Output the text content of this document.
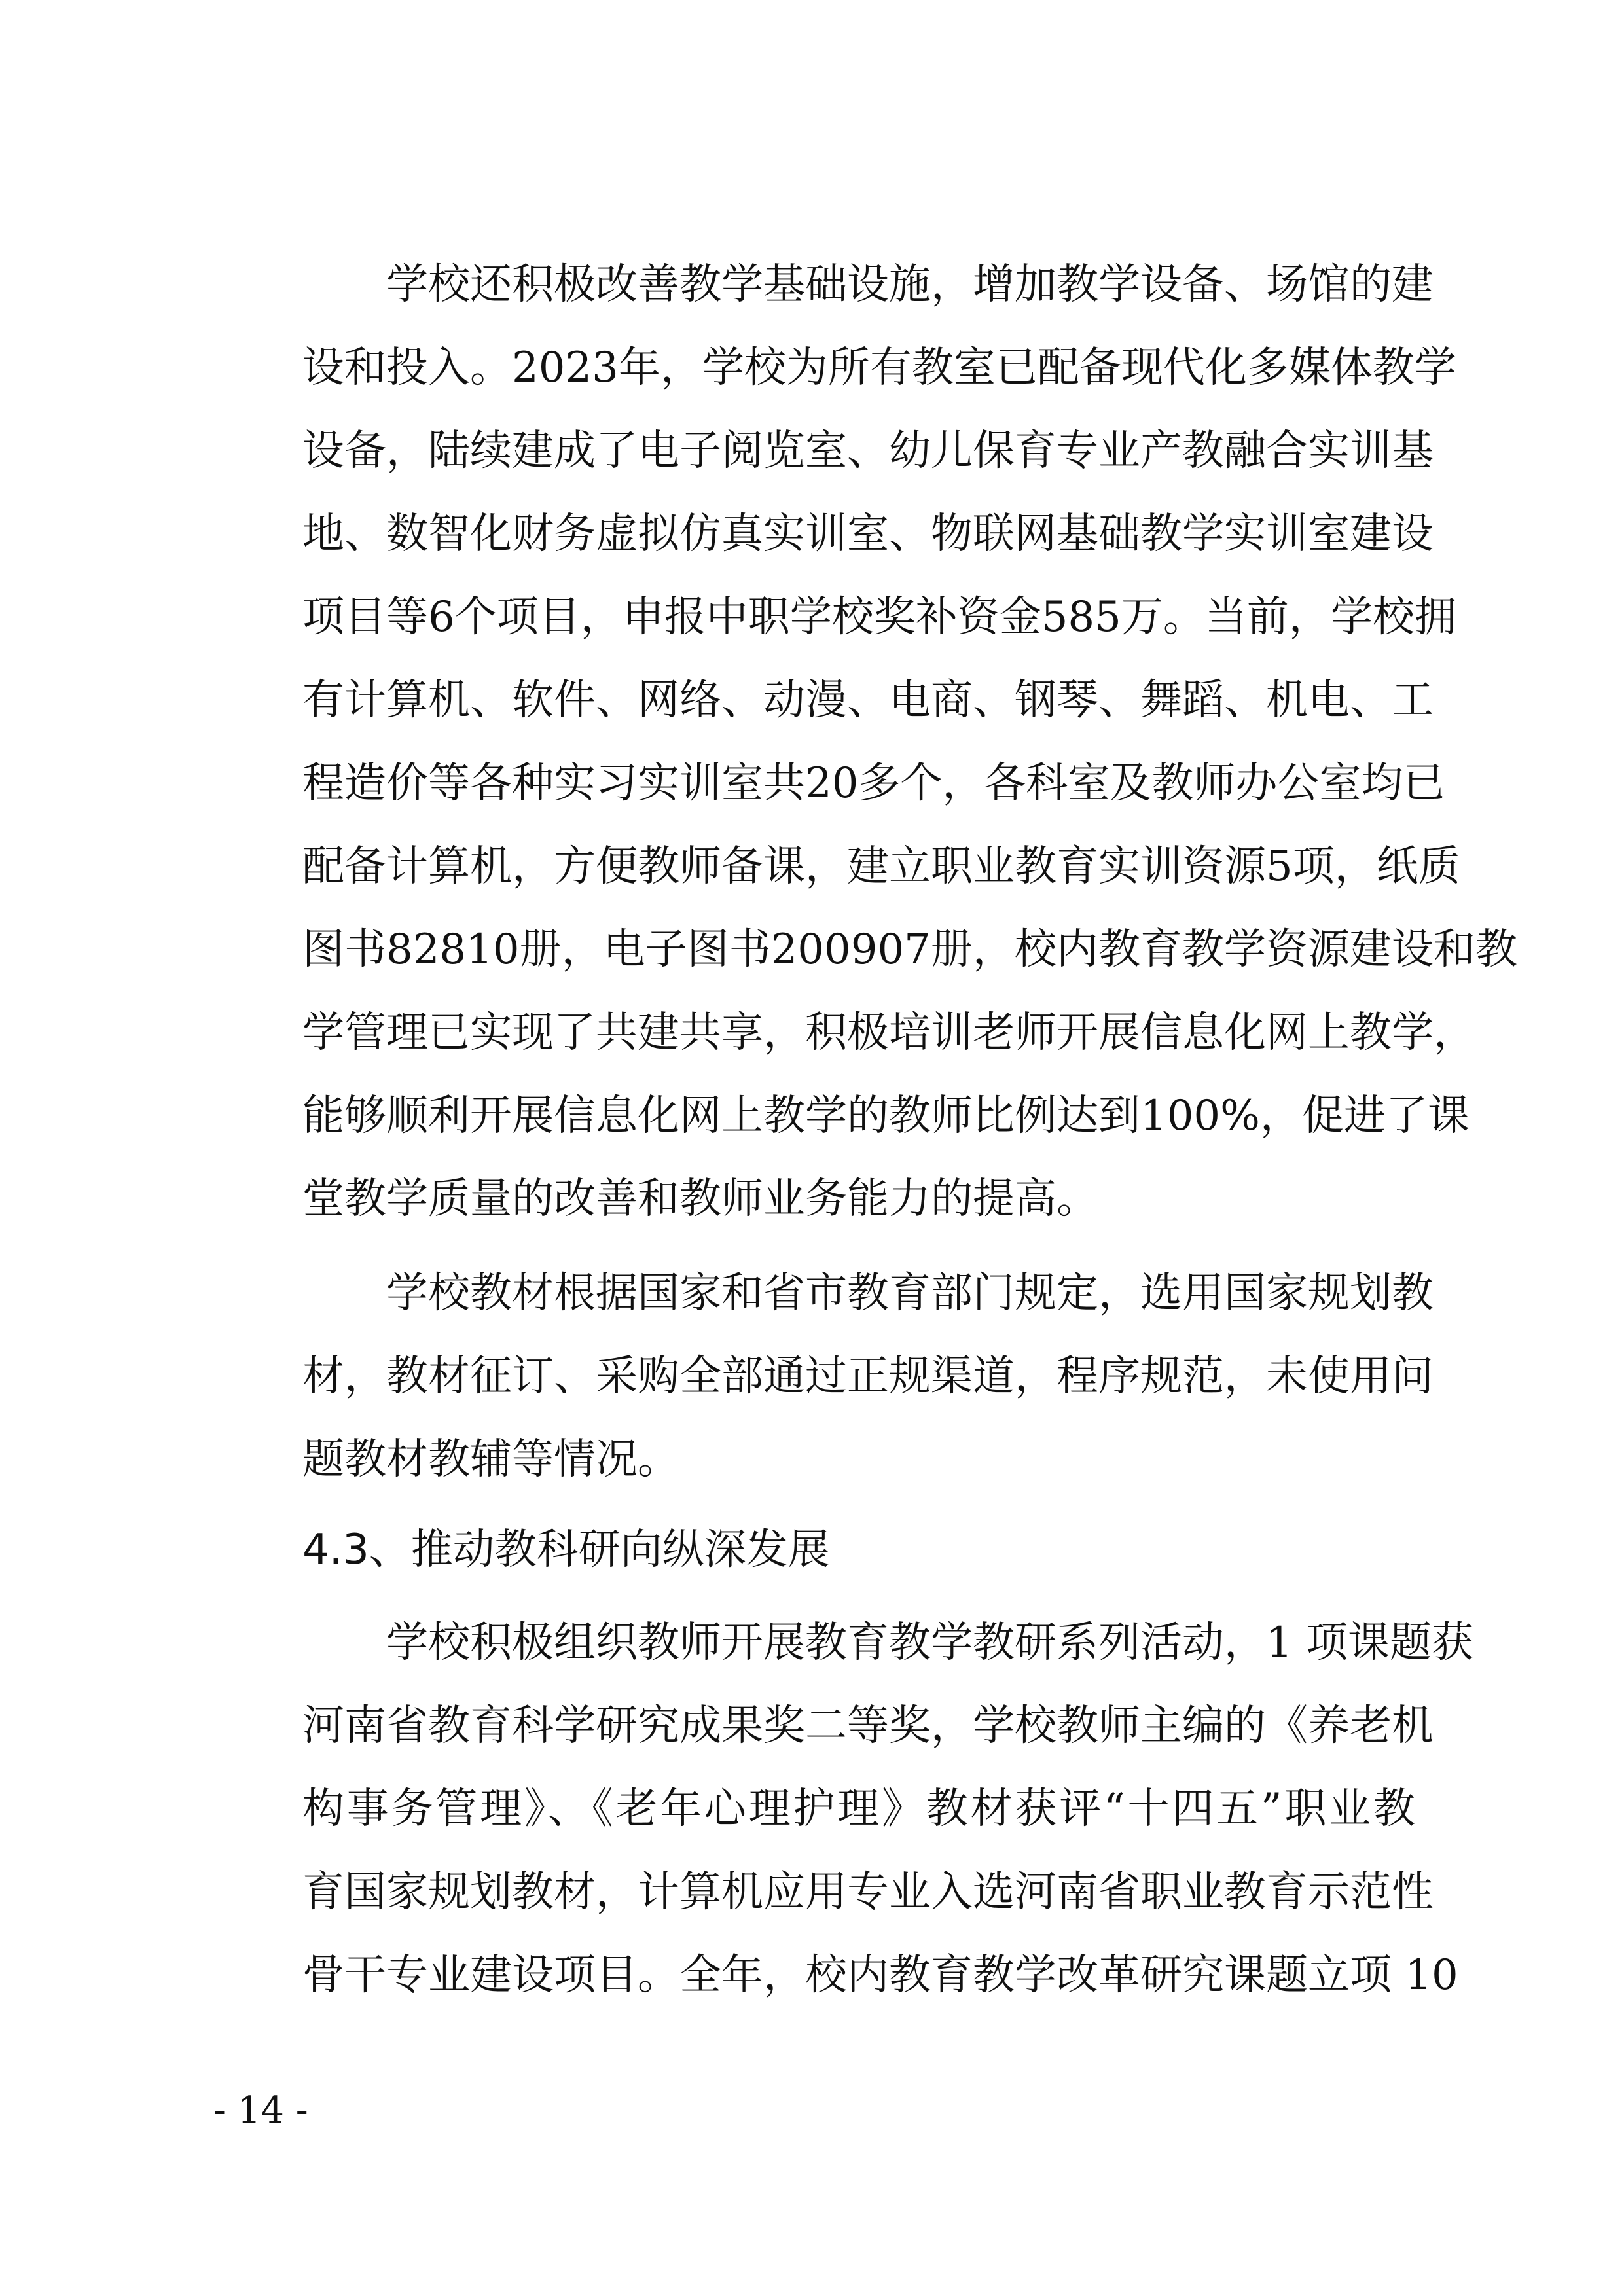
学校还积极改善教学基础设施，增加教学设备、场馆的建
设和投入。2023年，学校为所有教室已配备现代化多媒体教学
设备，陆续建成了电子阅览室、幼儿保育专业产教融合实训基
地、数智化财务虚拟仿真实训室、物联网基础教学实训室建设
项目等6个项目，申报中职学校奖补资金585万。当前，学校拥
有计算机、软件、网络、动漫、电商、钢琴、舞蹈、机电、工
程造价等各种实习实训室共20多个，各科室及教师办公室均已
配备计算机，方便教师备课，建立职业教育实训资源5项，纸质
图书82810册，电子图书200907册，校内教育教学资源建设和教
学管理已实现了共建共享，积极培训老师开展信息化网上教学，
能够顺利开展信息化网上教学的教师比例达到100%，促进了课
堂教学质量的改善和教师业务能力的提高。
学校教材根据国家和省市教育部门规定，选用国家规划教
材，教材征订、采购全部通过正规渠道，程序规范，未使用问
题教材教辅等情况。
4.3、推动教科研向纵深发展
学校积极组织教师开展教育教学教研系列活动，1 项课题获
河南省教育科学研究成果奖二等奖，学校教师主编的《养老机
构事务管理》、《老年心理护理》教材获评“十四五”职业教
育国家规划教材，计算机应用专业入选河南省职业教育示范性
骨干专业建设项目。全年，校内教育教学改革研究课题立项 10
- 14 -
